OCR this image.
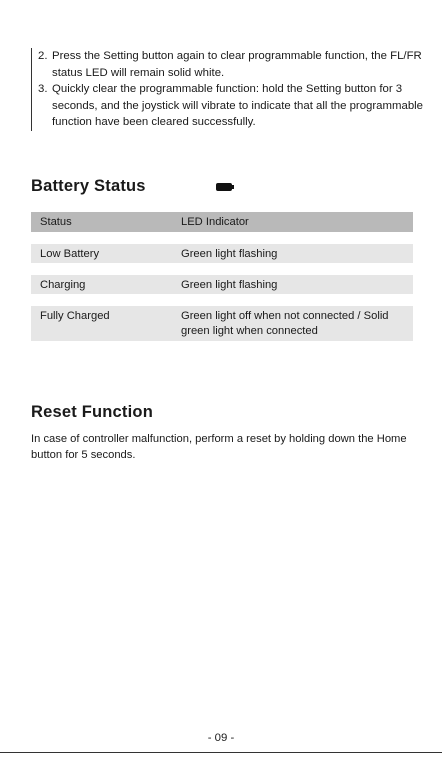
2. Press the Setting button again to clear programmable function, the FL/FR status LED will remain solid white.
3. Quickly clear the programmable function: hold the Setting button for 3 seconds, and the joystick will vibrate to indicate that all the programmable function have been cleared successfully.
Battery Status
Status	LED Indicator
Low Battery	Green light flashing
Charging	Green light flashing
Fully Charged	Green light off when not connected / Solid green light when connected
Reset Function

In case of controller malfunction, perform a reset by holding down the Home button for 5 seconds.

- 09 -
